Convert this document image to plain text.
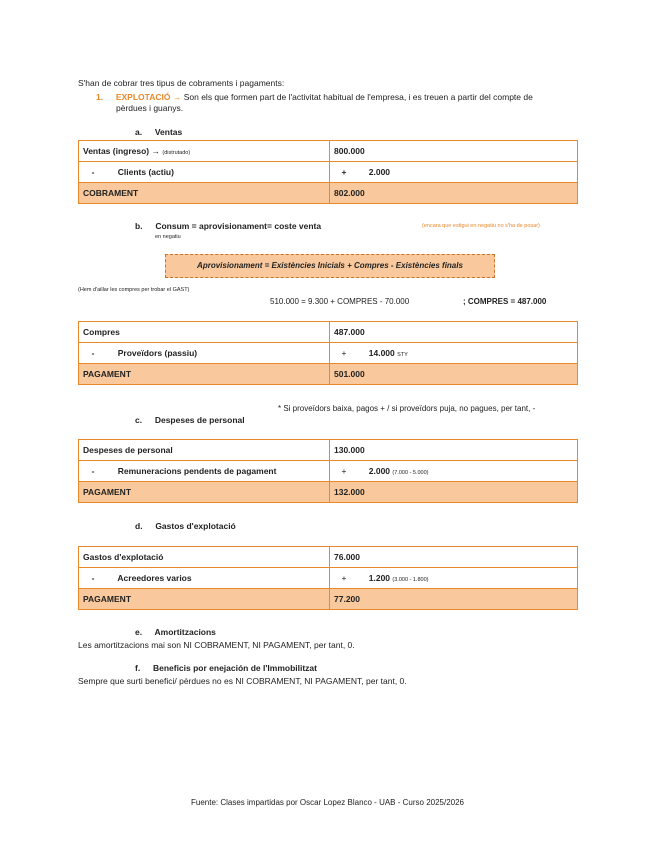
S'han de cobrar tres tipus de cobraments i pagaments:
1. EXPLOTACIÓ → Son els que formen part de l'activitat habitual de l'empresa, i es treuen a partir del compte de
pèrdues i guanys.
a. Ventas
Ventas (ingreso) → (distrutado)	800.000
- Clients (actiu)	+ 2.000
COBRAMENT	802.000
b. Consum = aprovisionament= coste venta
en negatiu
(encara que estigui en negatiu no s'ha de posar)
Aprovisionament = Existències Inicials + Compres - Existències finals
(Hem d'aillar les compres per trobar el GAST)
510.000 = 9.300 + COMPRES - 70.000	; COMPRES = 487.000
Compres	487.000
- Proveïdors (passiu)	+ 14.000 STY
PAGAMENT	501.000
* Si proveïdors baixa, pagos + / si proveïdors puja, no pagues, per tant, -
c. Despeses de personal
Despeses de personal	130.000
- Remuneracions pendents de pagament	+ 2.000 (7.000 - 5.000)
PAGAMENT	132.000
d. Gastos d'explotació
Gastos d'explotació	76.000
- Acreedores varios	+ 1.200 (3.000 - 1.800)
PAGAMENT	77.200
e. Amortitzacions
Les amortitzacions mai son NI COBRAMENT, NI PAGAMENT, per tant, 0.
f. Beneficis por enejación de l'Immobilitzat
Sempre que surti benefici/ pèrdues no es NI COBRAMENT, NI PAGAMENT, per tant, 0.
Fuente: Clases impartidas por Oscar Lopez Blanco - UAB - Curso 2025/2026
